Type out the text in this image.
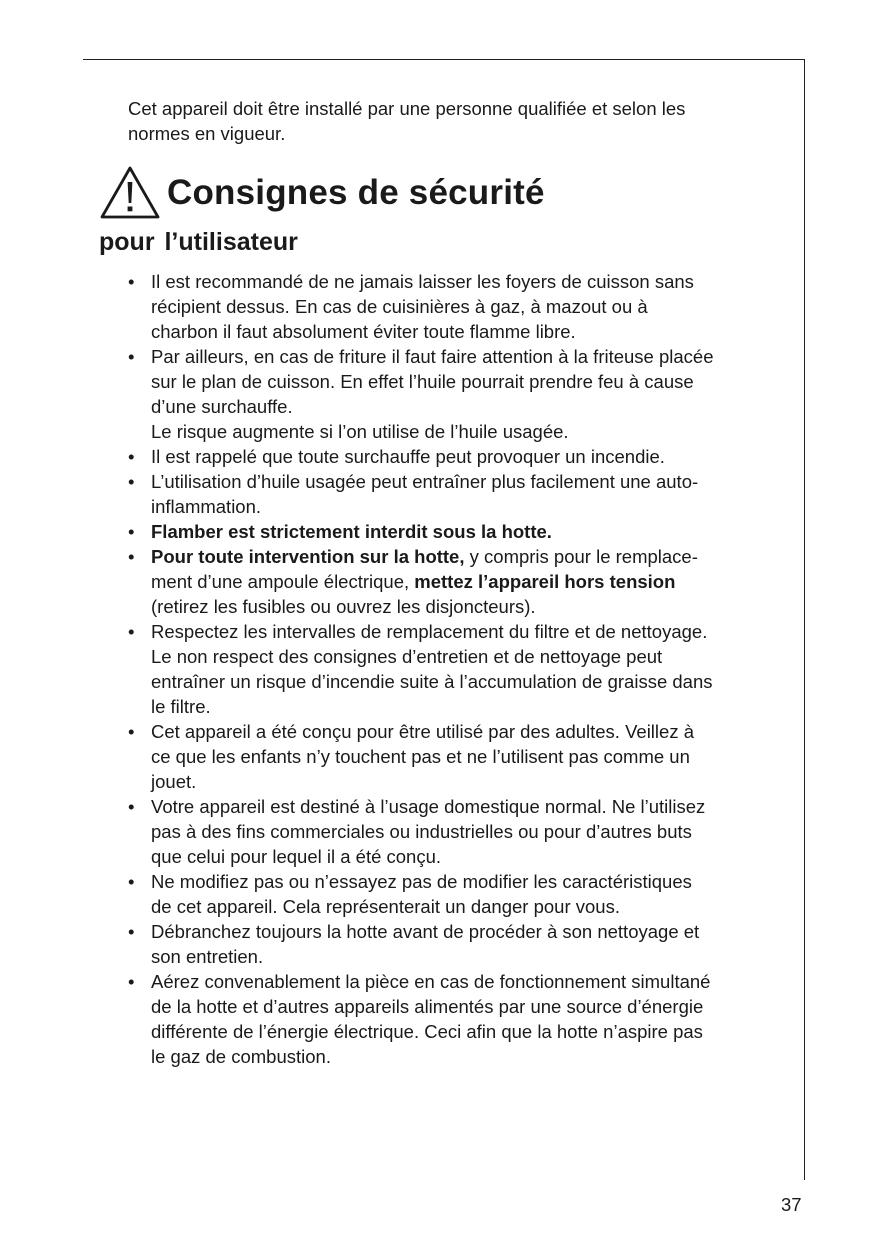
Cet appareil doit être installé par une personne qualifiée et selon les
normes en vigueur.

Consignes de sécurité
pour l’utilisateur
• Il est recommandé de ne jamais laisser les foyers de cuisson sans
récipient dessus. En cas de cuisinières à gaz, à mazout ou à
charbon il faut absolument éviter toute flamme libre.
• Par ailleurs, en cas de friture il faut faire attention à la friteuse placée
sur le plan de cuisson. En effet l’huile pourrait prendre feu à cause
d’une surchauffe.
Le risque augmente si l’on utilise de l’huile usagée.
• Il est rappelé que toute surchauffe peut provoquer un incendie.
• L’utilisation d’huile usagée peut entraîner plus facilement une auto-
inflammation.
• Flamber est strictement interdit sous la hotte.
• Pour toute intervention sur la hotte, y compris pour le remplace-
ment d’une ampoule électrique, mettez l’appareil hors tension
(retirez les fusibles ou ouvrez les disjoncteurs).
• Respectez les intervalles de remplacement du filtre et de nettoyage.
Le non respect des consignes d’entretien et de nettoyage peut
entraîner un risque d’incendie suite à l’accumulation de graisse dans
le filtre.
• Cet appareil a été conçu pour être utilisé par des adultes. Veillez à
ce que les enfants n’y touchent pas et ne l’utilisent pas comme un
jouet.
• Votre appareil est destiné à l’usage domestique normal. Ne l’utilisez
pas à des fins commerciales ou industrielles ou pour d’autres buts
que celui pour lequel il a été conçu.
• Ne modifiez pas ou n’essayez pas de modifier les caractéristiques
de cet appareil. Cela représenterait un danger pour vous.
• Débranchez toujours la hotte avant de procéder à son nettoyage et
son entretien.
• Aérez convenablement la pièce en cas de fonctionnement simultané
de la hotte et d’autres appareils alimentés par une source d’énergie
différente de l’énergie électrique. Ceci afin que la hotte n’aspire pas
le gaz de combustion.

37
